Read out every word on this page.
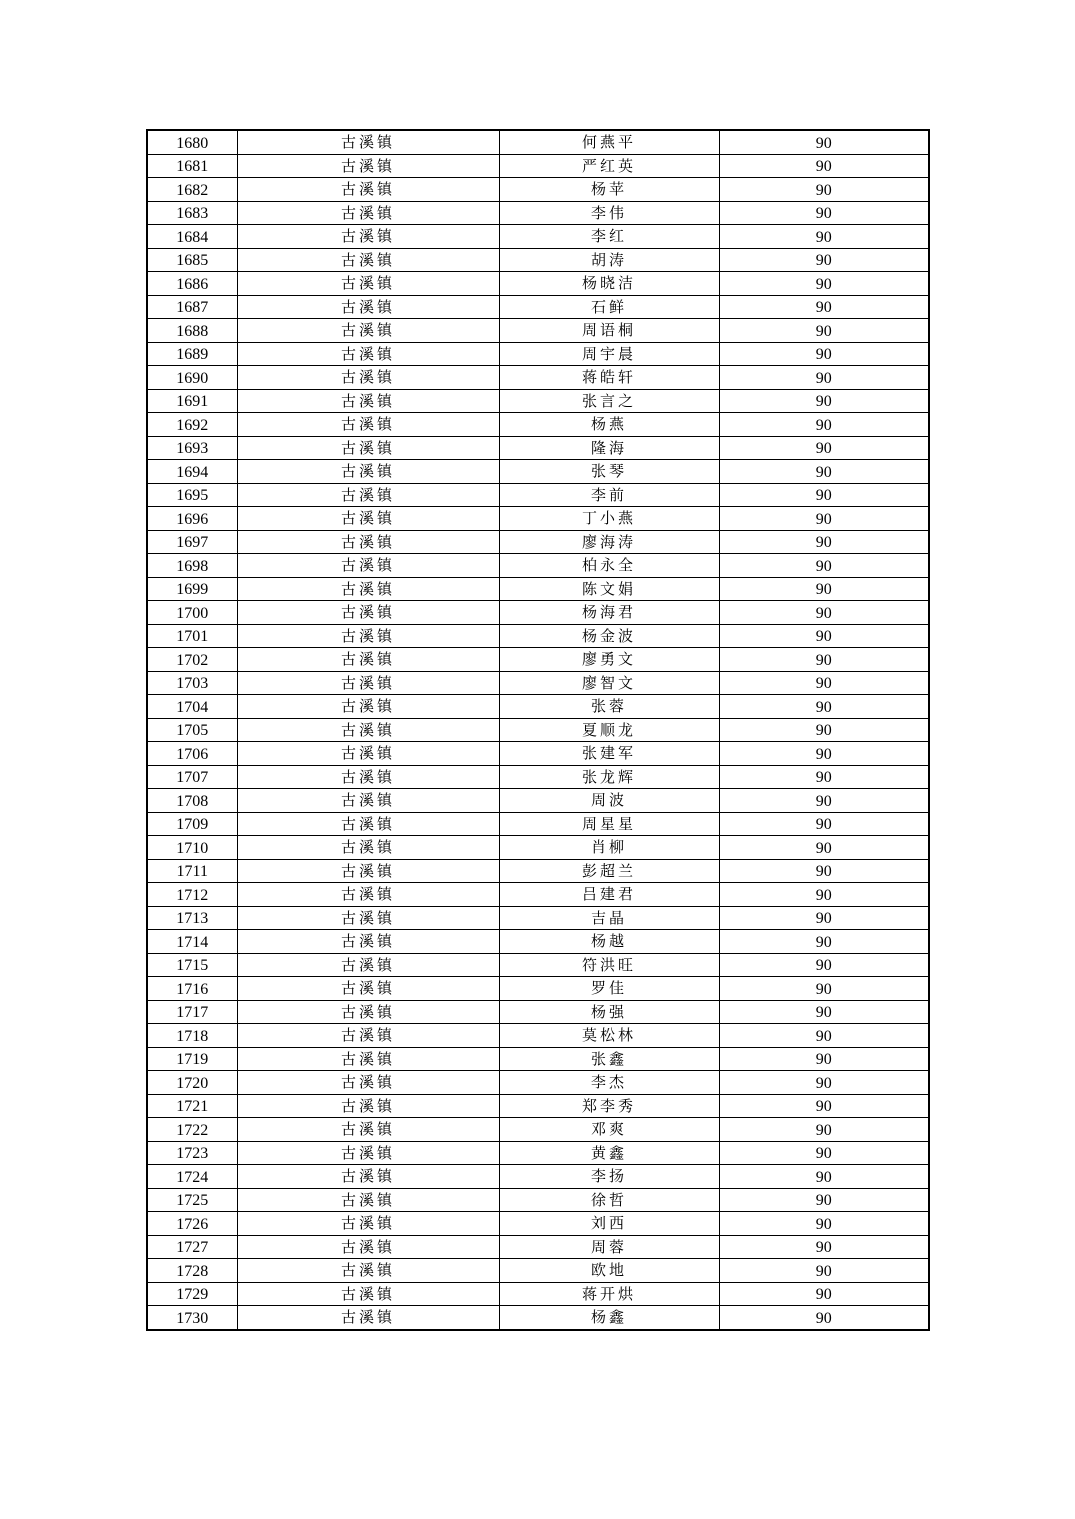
1680	古溪镇	何燕平	90
1681	古溪镇	严红英	90
1682	古溪镇	杨苹	90
1683	古溪镇	李伟	90
1684	古溪镇	李红	90
1685	古溪镇	胡涛	90
1686	古溪镇	杨晓洁	90
1687	古溪镇	石鲜	90
1688	古溪镇	周语桐	90
1689	古溪镇	周宇晨	90
1690	古溪镇	蒋皓轩	90
1691	古溪镇	张言之	90
1692	古溪镇	杨燕	90
1693	古溪镇	隆海	90
1694	古溪镇	张琴	90
1695	古溪镇	李前	90
1696	古溪镇	丁小燕	90
1697	古溪镇	廖海涛	90
1698	古溪镇	柏永全	90
1699	古溪镇	陈文娟	90
1700	古溪镇	杨海君	90
1701	古溪镇	杨金波	90
1702	古溪镇	廖勇文	90
1703	古溪镇	廖智文	90
1704	古溪镇	张蓉	90
1705	古溪镇	夏顺龙	90
1706	古溪镇	张建军	90
1707	古溪镇	张龙辉	90
1708	古溪镇	周波	90
1709	古溪镇	周星星	90
1710	古溪镇	肖柳	90
1711	古溪镇	彭超兰	90
1712	古溪镇	吕建君	90
1713	古溪镇	吉晶	90
1714	古溪镇	杨越	90
1715	古溪镇	符洪旺	90
1716	古溪镇	罗佳	90
1717	古溪镇	杨强	90
1718	古溪镇	莫松林	90
1719	古溪镇	张鑫	90
1720	古溪镇	李杰	90
1721	古溪镇	郑李秀	90
1722	古溪镇	邓爽	90
1723	古溪镇	黄鑫	90
1724	古溪镇	李扬	90
1725	古溪镇	徐哲	90
1726	古溪镇	刘西	90
1727	古溪镇	周蓉	90
1728	古溪镇	欧地	90
1729	古溪镇	蒋开烘	90
1730	古溪镇	杨鑫	90
